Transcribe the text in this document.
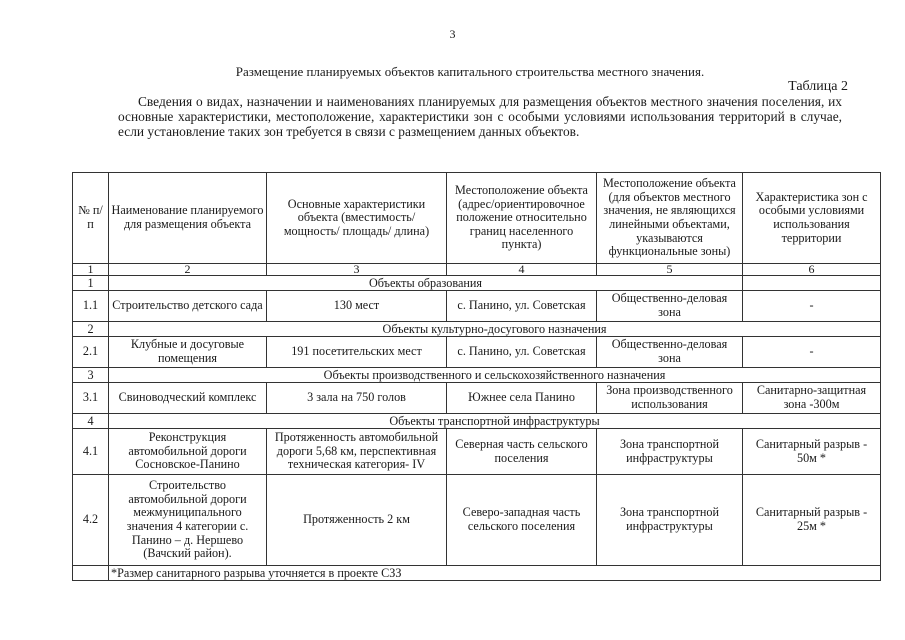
3
Размещение планируемых объектов капитального строительства местного значения.
Таблица 2

Сведения о видах, назначении и наименованиях планируемых для размещения объектов местного значения поселения, их основные характеристики, местоположение, характеристики зон с особыми условиями использования территорий в случае, если установление таких зон требуется в связи с размещением данных объектов.

№ п/п	Наименование планируемого для размещения объекта	Основные характеристики объекта (вместимость/ мощность/ площадь/ длина)	Местоположение объекта (адрес/ориентировочное положение относительно границ населенного пункта)	Местоположение объекта (для объектов местного значения, не являющихся линейными объектами, указываются функциональные зоны)	Характеристика зон с особыми условиями использования территории
1	2	3	4	5	6
1	Объекты образования				
1.1	Строительство детского сада	130 мест	с. Панино, ул. Советская	Общественно-деловая зона	-
2	Объекты культурно-досугового назначения				
2.1	Клубные и досуговые помещения	191 посетительских мест	с. Панино, ул. Советская	Общественно-деловая зона	-
3	Объекты производственного и сельскохозяйственного назначения				
3.1	Свиноводческий комплекс	3 зала на 750 голов	Южнее села Панино	Зона производственного использования	Санитарно-защитная зона -300м
4	Объекты транспортной инфраструктуры				
4.1	Реконструкция автомобильной дороги Сосновское-Панино	Протяженность автомобильной дороги 5,68 км, перспективная техническая категория- IV	Северная часть сельского поселения	Зона транспортной инфраструктуры	Санитарный разрыв - 50м *
4.2	Строительство автомобильной дороги межмуниципального значения 4 категории с. Панино – д. Нершево (Вачский район).	Протяженность 2 км	Северо-западная часть сельского поселения	Зона транспортной инфраструктуры	Санитарный разрыв - 25м *
	*Размер санитарного разрыва уточняется в проекте СЗЗ				
